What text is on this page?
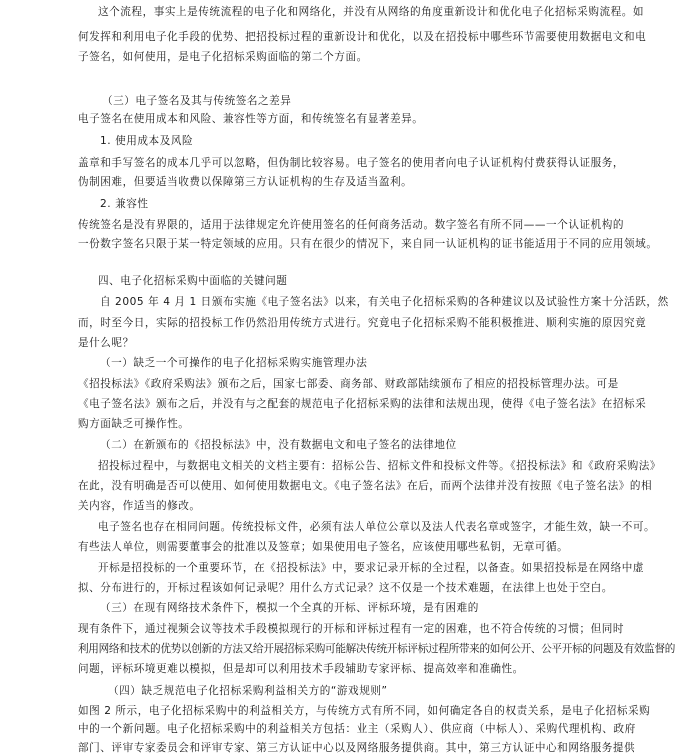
这个流程，事实上是传统流程的电子化和网络化，并没有从网络的角度重新设计和优化电子化招标采购流程。如
何发挥和利用电子化手段的优势、把招投标过程的重新设计和优化，以及在招投标中哪些环节需要使用数据电文和电
子签名，如何使用，是电子化招标采购面临的第二个方面。
（三）电子签名及其与传统签名之差异
电子签名在使用成本和风险、兼容性等方面，和传统签名有显著差异。
1. 使用成本及风险
盖章和手写签名的成本几乎可以忽略，但伪制比较容易。电子签名的使用者向电子认证机构付费获得认证服务，
伪制困难，但要适当收费以保障第三方认证机构的生存及适当盈利。
2. 兼容性
传统签名是没有界限的，适用于法律规定允许使用签名的任何商务活动。数字签名有所不同——一个认证机构的
一份数字签名只限于某一特定领域的应用。只有在很少的情况下，来自同一认证机构的证书能适用于不同的应用领域。
四、电子化招标采购中面临的关键问题
自 2005 年 4 月 1 日颁布实施《电子签名法》以来，有关电子化招标采购的各种建议以及试验性方案十分活跃，然
而，时至今日，实际的招投标工作仍然沿用传统方式进行。究竟电子化招标采购不能积极推进、顺利实施的原因究竟
是什么呢？
（一）缺乏一个可操作的电子化招标采购实施管理办法
《招投标法》《政府采购法》颁布之后，国家七部委、商务部、财政部陆续颁布了相应的招投标管理办法。可是
《电子签名法》颁布之后，并没有与之配套的规范电子化招标采购的法律和法规出现，使得《电子签名法》在招标采
购方面缺乏可操作性。
（二）在新颁布的《招投标法》中，没有数据电文和电子签名的法律地位
招投标过程中，与数据电文相关的文档主要有：招标公告、招标文件和投标文件等。《招投标法》和《政府采购法》
在此，没有明确是否可以使用、如何使用数据电文。《电子签名法》在后，而两个法律并没有按照《电子签名法》的相
关内容，作适当的修改。
电子签名也存在相同问题。传统投标文件，必须有法人单位公章以及法人代表名章或签字，才能生效，缺一不可。
有些法人单位，则需要董事会的批准以及签章；如果使用电子签名，应该使用哪些私钥，无章可循。
开标是招投标的一个重要环节，在《招投标法》中，要求记录开标的全过程，以备查。如果招投标是在网络中虚
拟、分布进行的，开标过程该如何记录呢？用什么方式记录？这不仅是一个技术难题，在法律上也处于空白。
（三）在现有网络技术条件下，模拟一个全真的开标、评标环境，是有困难的
现有条件下，通过视频会议等技术手段模拟现行的开标和评标过程有一定的困难，也不符合传统的习惯；但同时
利用网络和技术的优势以创新的方法又给开展招标采购可能解决传统开标评标过程所带来的如何公开、公平开标的问题及有效监督的
问题，评标环境更难以模拟，但是却可以利用技术手段辅助专家评标、提高效率和准确性。
（四）缺乏规范电子化招标采购利益相关方的“游戏规则”
如图 2 所示，电子化招标采购中的利益相关方，与传统方式有所不同，如何确定各自的权责关系，是电子化招标采购
中的一个新问题。电子化招标采购中的利益相关方包括：业主（采购人）、供应商（中标人）、采购代理机构、政府
部门、评审专家委员会和评审专家、第三方认证中心以及网络服务提供商。其中，第三方认证中心和网络服务提供
